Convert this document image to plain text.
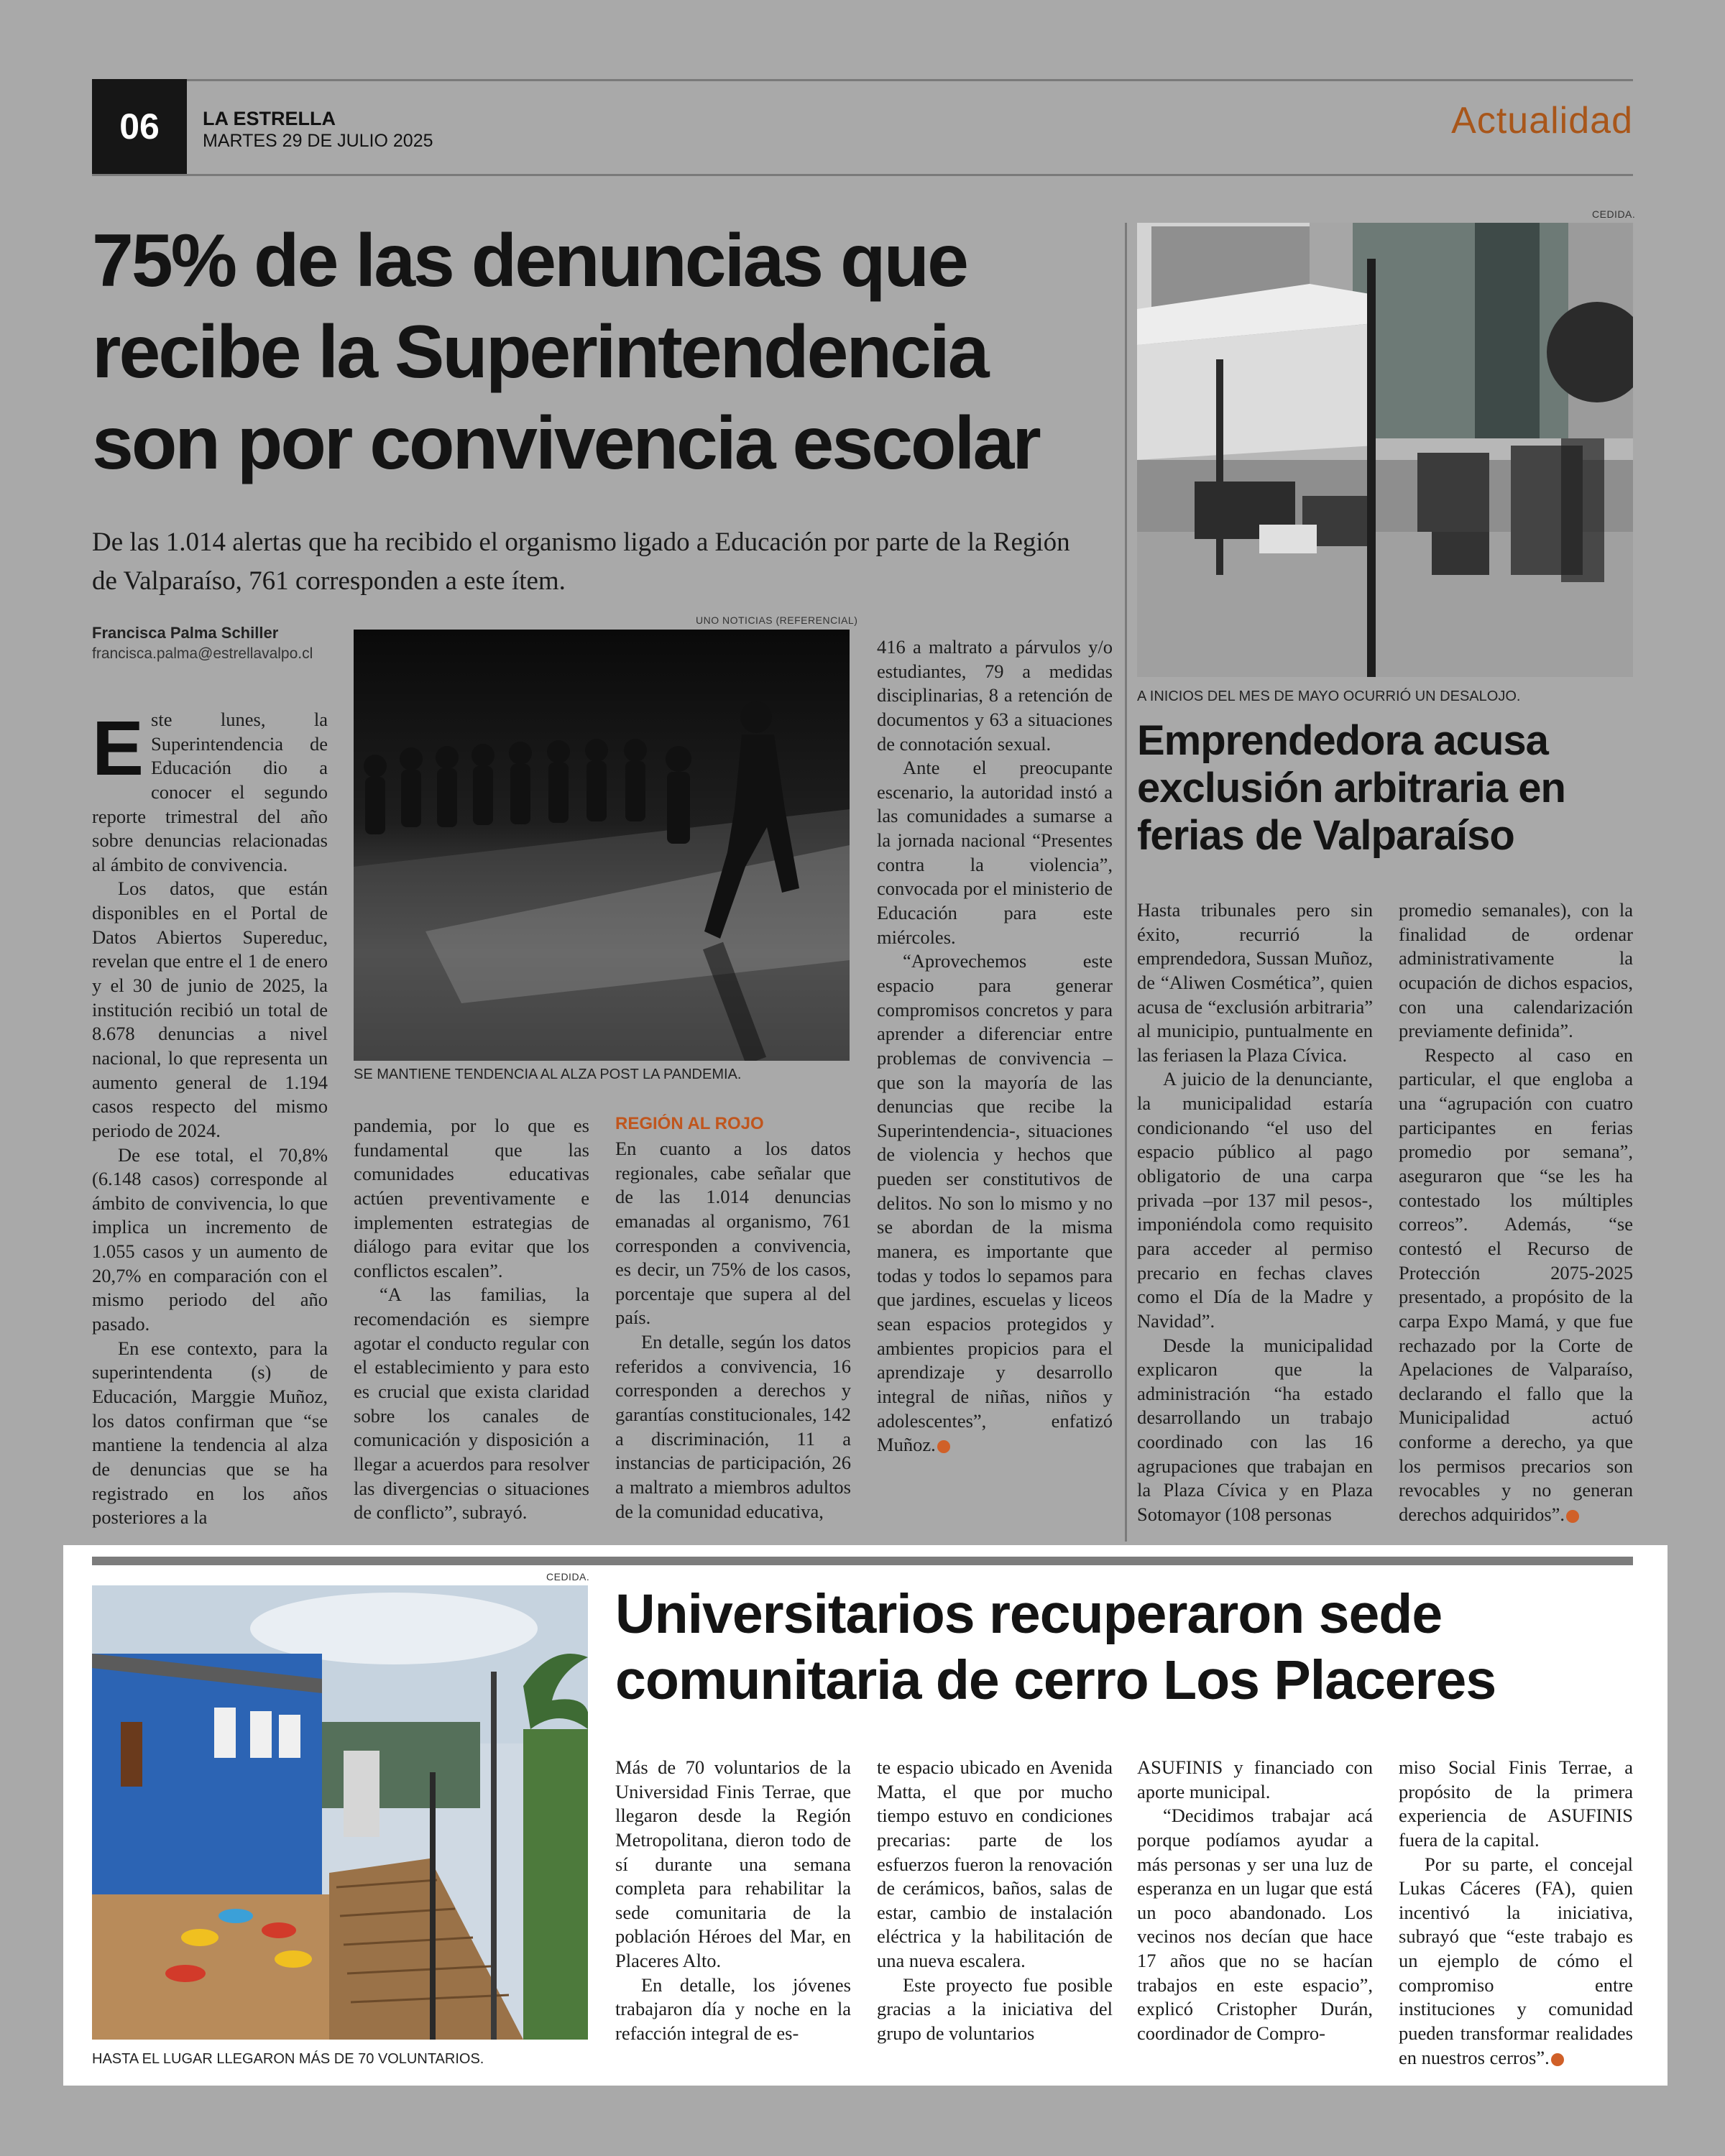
06	LA ESTRELLA
MARTES 29 DE JULIO 2025	Actualidad
75% de las denuncias que recibe la Superintendencia son por convivencia escolar
De las 1.014 alertas que ha recibido el organismo ligado a Educación por parte de la Región de Valparaíso, 761 corresponden a este ítem.
Francisca Palma Schiller
francisca.palma@estrellavalpo.cl
UNO NOTICIAS (REFERENCIAL)
SE MANTIENE TENDENCIA AL ALZA POST LA PANDEMIA.

Este lunes, la Superintendencia de Educación dio a conocer el segundo reporte trimestral del año sobre denuncias relacionadas al ámbito de convivencia.

Los datos, que están disponibles en el Portal de Datos Abiertos Supereduc, revelan que entre el 1 de enero y el 30 de junio de 2025, la institución recibió un total de 8.678 denuncias a nivel nacional, lo que representa un aumento general de 1.194 casos respecto del mismo periodo de 2024.

De ese total, el 70,8% (6.148 casos) corresponde al ámbito de convivencia, lo que implica un incremento de 1.055 casos y un aumento de 20,7% en comparación con el mismo periodo del año pasado.

En ese contexto, para la superintendenta (s) de Educación, Marggie Muñoz, los datos confirman que “se mantiene la tendencia al alza de denuncias que se ha registrado en los años posteriores a la

pandemia, por lo que es fundamental que las comunidades educativas actúen preventivamente e implementen estrategias de diálogo para evitar que los conflictos escalen”.

“A las familias, la recomendación es siempre agotar el conducto regular con el establecimiento y para esto es crucial que exista claridad sobre los canales de comunicación y disposición a llegar a acuerdos para resolver las divergencias o situaciones de conflicto”, subrayó.

REGIÓN AL ROJO

En cuanto a los datos regionales, cabe señalar que de las 1.014 denuncias emanadas al organismo, 761 corresponden a convivencia, es decir, un 75% de los casos, porcentaje que supera al del país.

En detalle, según los datos referidos a convivencia, 16 corresponden a derechos y garantías constitucionales, 142 a discriminación, 11 a instancias de participación, 26 a maltrato a miembros adultos de la comunidad educativa,

416 a maltrato a párvulos y/o estudiantes, 79 a medidas disciplinarias, 8 a retención de documentos y 63 a situaciones de connotación sexual.

Ante el preocupante escenario, la autoridad instó a las comunidades a sumarse a la jornada nacional “Presentes contra la violencia”, convocada por el ministerio de Educación para este miércoles.

“Aprovechemos este espacio para generar compromisos concretos y para aprender a diferenciar entre problemas de convivencia – que son la mayoría de las denuncias que recibe la Superintendencia-, situaciones de violencia y hechos que pueden ser constitutivos de delitos. No son lo mismo y no se abordan de la misma manera, es importante que todas y todos lo sepamos para que jardines, escuelas y liceos sean espacios protegidos y ambientes propicios para el aprendizaje y desarrollo integral de niñas, niños y adolescentes”, enfatizó Muñoz.

CEDIDA.
A INICIOS DEL MES DE MAYO OCURRIÓ UN DESALOJO.
Emprendedora acusa exclusión arbitraria en ferias de Valparaíso

Hasta tribunales pero sin éxito, recurrió la emprendedora, Sussan Muñoz, de “Aliwen Cosmética”, quien acusa de “exclusión arbitraria” al municipio, puntualmente en las feriasen la Plaza Cívica.

A juicio de la denunciante, la municipalidad estaría condicionando “el uso del espacio público al pago obligatorio de una carpa privada –por 137 mil pesos-, imponiéndola como requisito para acceder al permiso precario en fechas claves como el Día de la Madre y Navidad”.

Desde la municipalidad explicaron que la administración “ha estado desarrollando un trabajo coordinado con las 16 agrupaciones que trabajan en la Plaza Cívica y en Plaza Sotomayor (108 personas

promedio semanales), con la finalidad de ordenar administrativamente la ocupación de dichos espacios, con una calendarización previamente definida”.

Respecto al caso en particular, el que engloba a una “agrupación con cuatro participantes en ferias promedio por semana”, aseguraron que “se les ha contestado los múltiples correos”. Además, “se contestó el Recurso de Protección 2075-2025 presentado, a propósito de la carpa Expo Mamá, y que fue rechazado por la Corte de Apelaciones de Valparaíso, declarando el fallo que la Municipalidad actuó conforme a derecho, ya que los permisos precarios son revocables y no generan derechos adquiridos”.

CEDIDA.
HASTA EL LUGAR LLEGARON MÁS DE 70 VOLUNTARIOS.
Universitarios recuperaron sede comunitaria de cerro Los Placeres

Más de 70 voluntarios de la Universidad Finis Terrae, que llegaron desde la Región Metropolitana, dieron todo de sí durante una semana completa para rehabilitar la sede comunitaria de la población Héroes del Mar, en Placeres Alto.

En detalle, los jóvenes trabajaron día y noche en la refacción integral de es-

te espacio ubicado en Avenida Matta, el que por mucho tiempo estuvo en condiciones precarias: parte de los esfuerzos fueron la renovación de cerámicos, baños, salas de estar, cambio de instalación eléctrica y la habilitación de una nueva escalera.

Este proyecto fue posible gracias a la iniciativa del grupo de voluntarios

ASUFINIS y financiado con aporte municipal.

“Decidimos trabajar acá porque podíamos ayudar a más personas y ser una luz de esperanza en un lugar que está un poco abandonado. Los vecinos nos decían que hace 17 años que no se hacían trabajos en este espacio”, explicó Cristopher Durán, coordinador de Compro-

miso Social Finis Terrae, a propósito de la primera experiencia de ASUFINIS fuera de la capital.

Por su parte, el concejal Lukas Cáceres (FA), quien incentivó la iniciativa, subrayó que “este trabajo es un ejemplo de cómo el compromiso entre instituciones y comunidad pueden transformar realidades en nuestros cerros”.
